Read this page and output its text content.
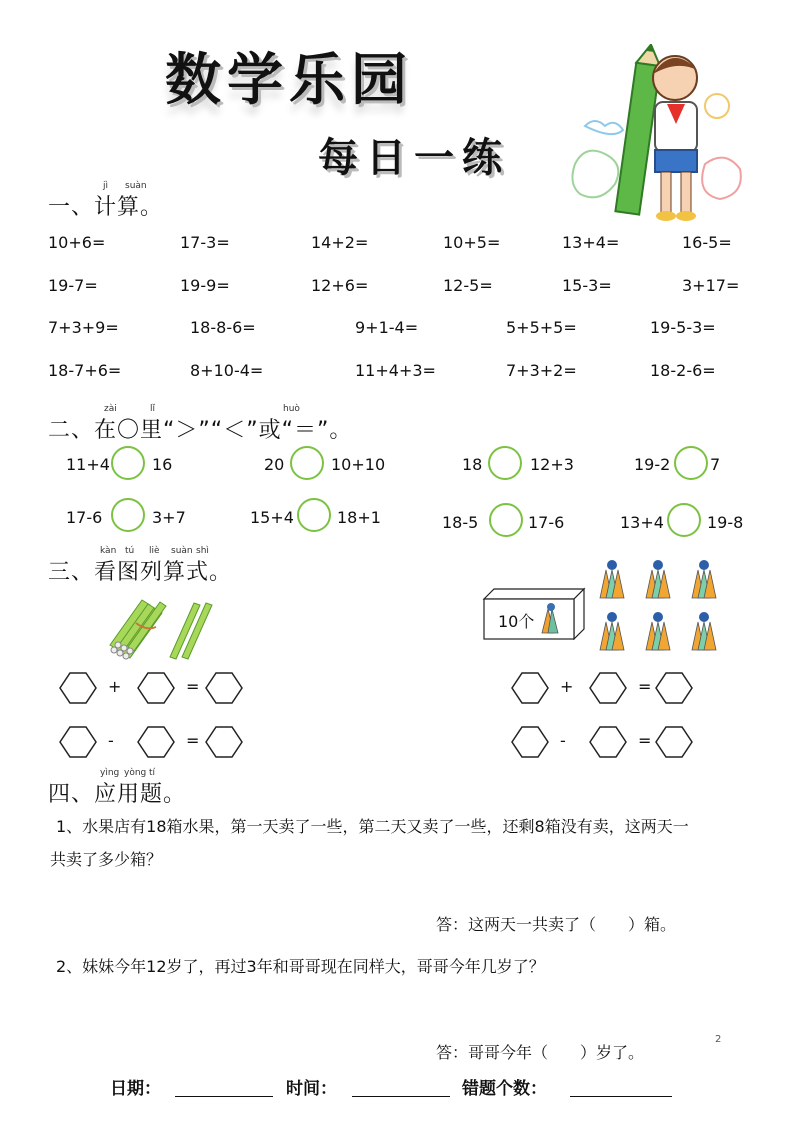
数学乐园
每日一练
jì suàn
一、计算。
10+6=	17-3=	14+2=	10+5=	13+4=	16-5=
19-7=	19-9=	12+6=	12-5=	15-3=	3+17=
7+3+9=	18-8-6=	9+1-4=	5+5+5=	19-5-3=
18-7+6=	8+10-4=	11+4+3=	7+3+2=	18-2-6=
zài	lǐ	huò
二、在〇里“＞”“＜”或“＝”。
11+4	16	20	10+10	18	12+3	19-2 7
17-6	3+7	15+4	18+1	18-5	17-6	13+4	19-8
kàn tú liè suàn shì
三、看图列算式。
+	=
-	=
10个
+	=
-	=
yìng yòng tí
四、应用题。
1、水果店有18箱水果，第一天卖了一些，第二天又卖了一些，还剩8箱没有卖，这两天一
共卖了多少箱？
答：这两天一共卖了（　　）箱。
2、妹妹今年12岁了，再过3年和哥哥现在同样大，哥哥今年几岁了？
答：哥哥今年（　　）岁了。
2
日期：	时间：	错题个数：
